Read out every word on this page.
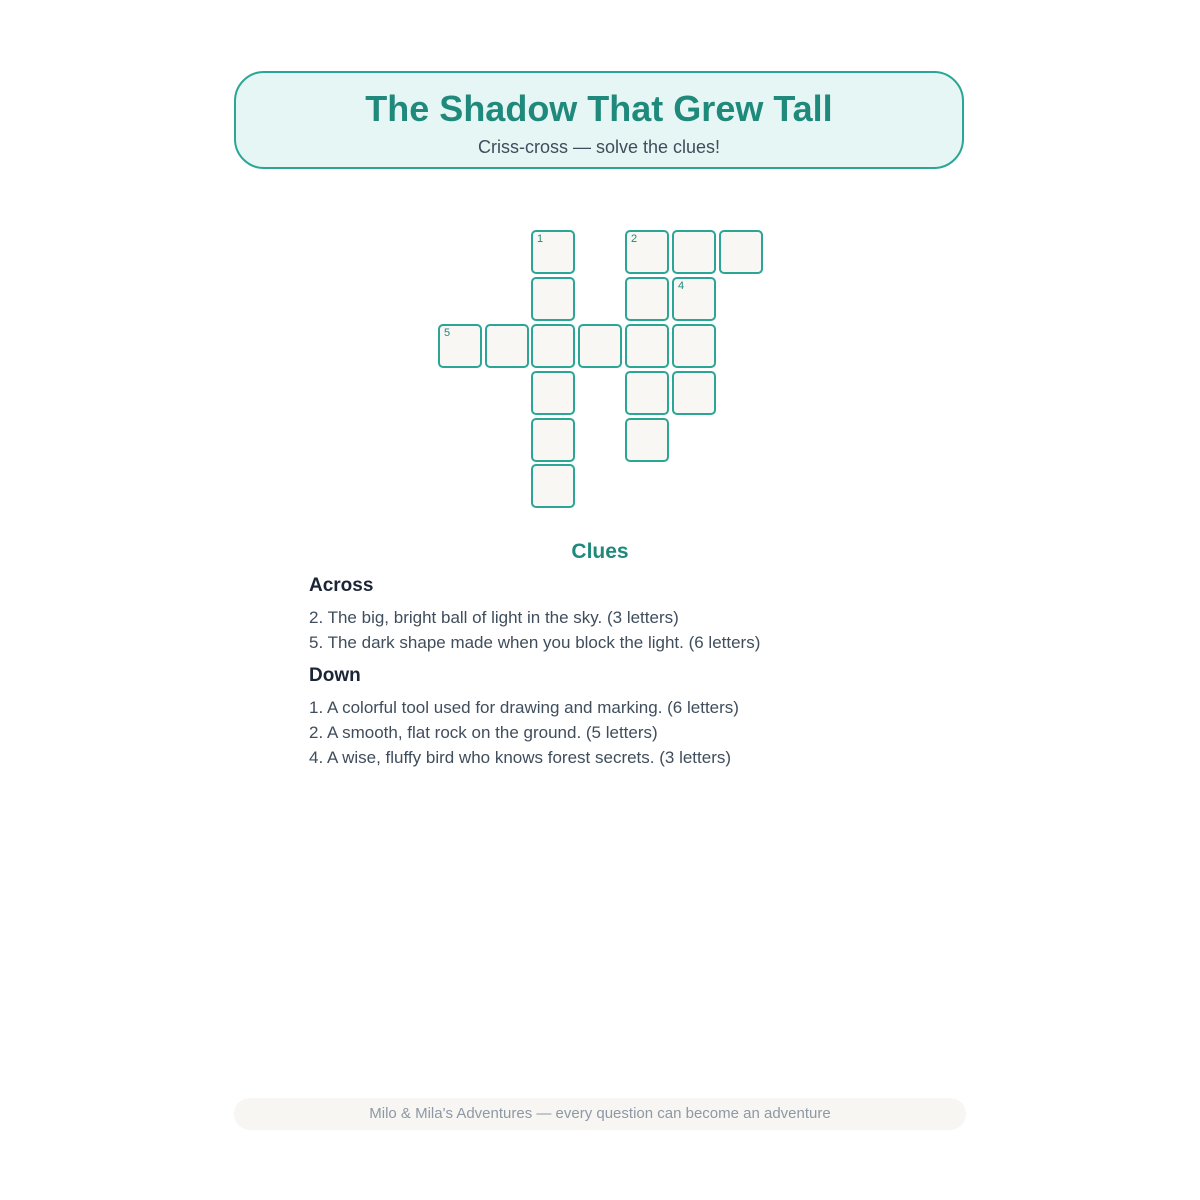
The Shadow That Grew Tall
Criss-cross — solve the clues!
1	2
4
5
Clues
Across
2. The big, bright ball of light in the sky. (3 letters)
5. The dark shape made when you block the light. (6 letters)
Down
1. A colorful tool used for drawing and marking. (6 letters)
2. A smooth, flat rock on the ground. (5 letters)
4. A wise, fluffy bird who knows forest secrets. (3 letters)
Milo & Mila's Adventures — every question can become an adventure
